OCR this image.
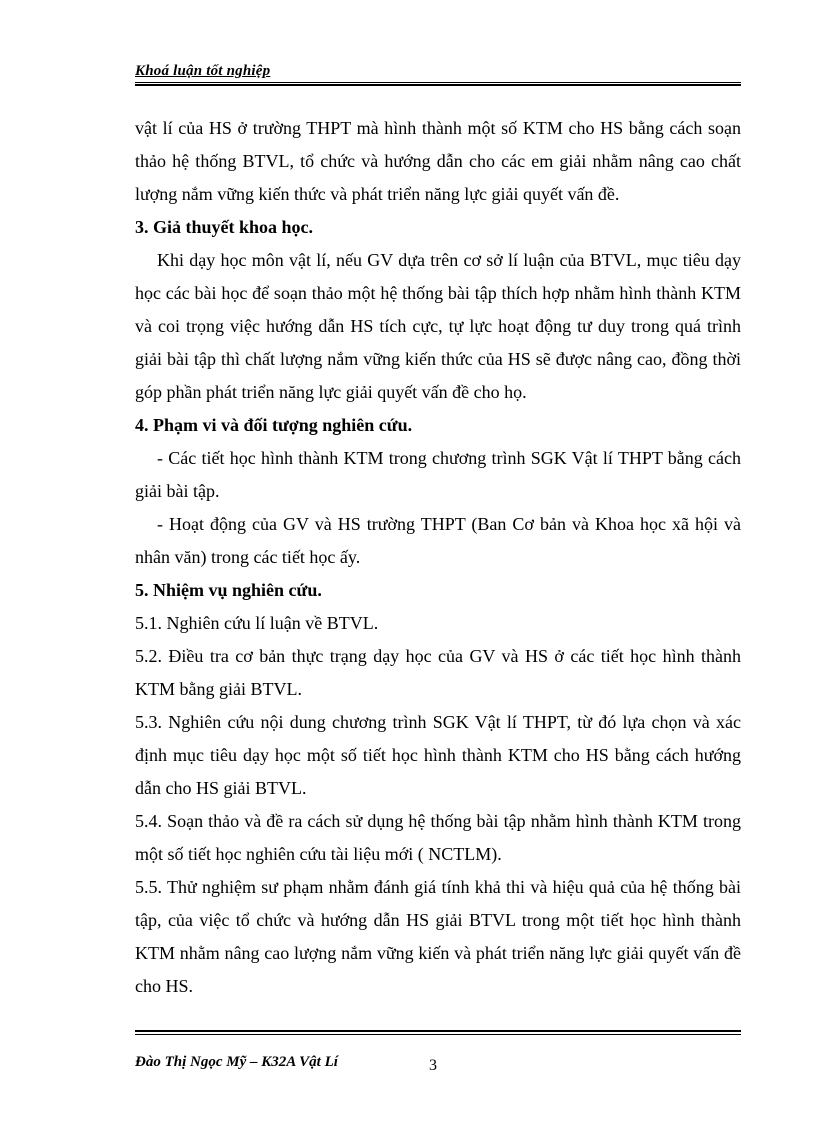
Khoá luận tốt nghiệp

vật lí của HS ở trường THPT mà hình thành một số KTM cho HS bằng cách soạn thảo hệ thống BTVL, tổ chức và hướng dẫn cho các em giải nhằm nâng cao chất lượng nắm vững kiến thức và phát triển năng lực giải quyết vấn đề.

3. Giả thuyết khoa học.

Khi dạy học môn vật lí, nếu GV dựa trên cơ sở lí luận của BTVL, mục tiêu dạy học các bài học để soạn thảo một hệ thống bài tập thích hợp nhằm hình thành KTM và coi trọng việc hướng dẫn HS tích cực, tự lực hoạt động tư duy trong quá trình giải bài tập thì chất lượng nắm vững kiến thức của HS sẽ được nâng cao, đồng thời góp phần phát triển năng lực giải quyết vấn đề cho họ.

4. Phạm vi và đối tượng nghiên cứu.

- Các tiết học hình thành KTM trong chương trình SGK Vật lí THPT bằng cách giải bài tập.

- Hoạt động của GV và HS trường THPT (Ban Cơ bản và Khoa học xã hội và nhân văn) trong các tiết học ấy.

5. Nhiệm vụ nghiên cứu.

5.1. Nghiên cứu lí luận về BTVL.

5.2. Điều tra cơ bản thực trạng dạy học của GV và HS ở các tiết học hình thành KTM bằng giải BTVL.

5.3. Nghiên cứu nội dung chương trình SGK Vật lí THPT, từ đó lựa chọn và xác định mục tiêu dạy học một số tiết học hình thành KTM cho HS bằng cách hướng dẫn cho HS giải BTVL.

5.4. Soạn thảo và đề ra cách sử dụng hệ thống bài tập nhằm hình thành KTM trong một số tiết học nghiên cứu tài liệu mới ( NCTLM).

5.5. Thử nghiệm sư phạm nhằm đánh giá tính khả thi và hiệu quả của hệ thống bài tập, của việc tổ chức và hướng dẫn HS giải BTVL trong một tiết học hình thành KTM nhằm nâng cao lượng nắm vững kiến và phát triển năng lực giải quyết vấn đề cho HS.

Đào Thị Ngọc Mỹ – K32A Vật Lí	3
